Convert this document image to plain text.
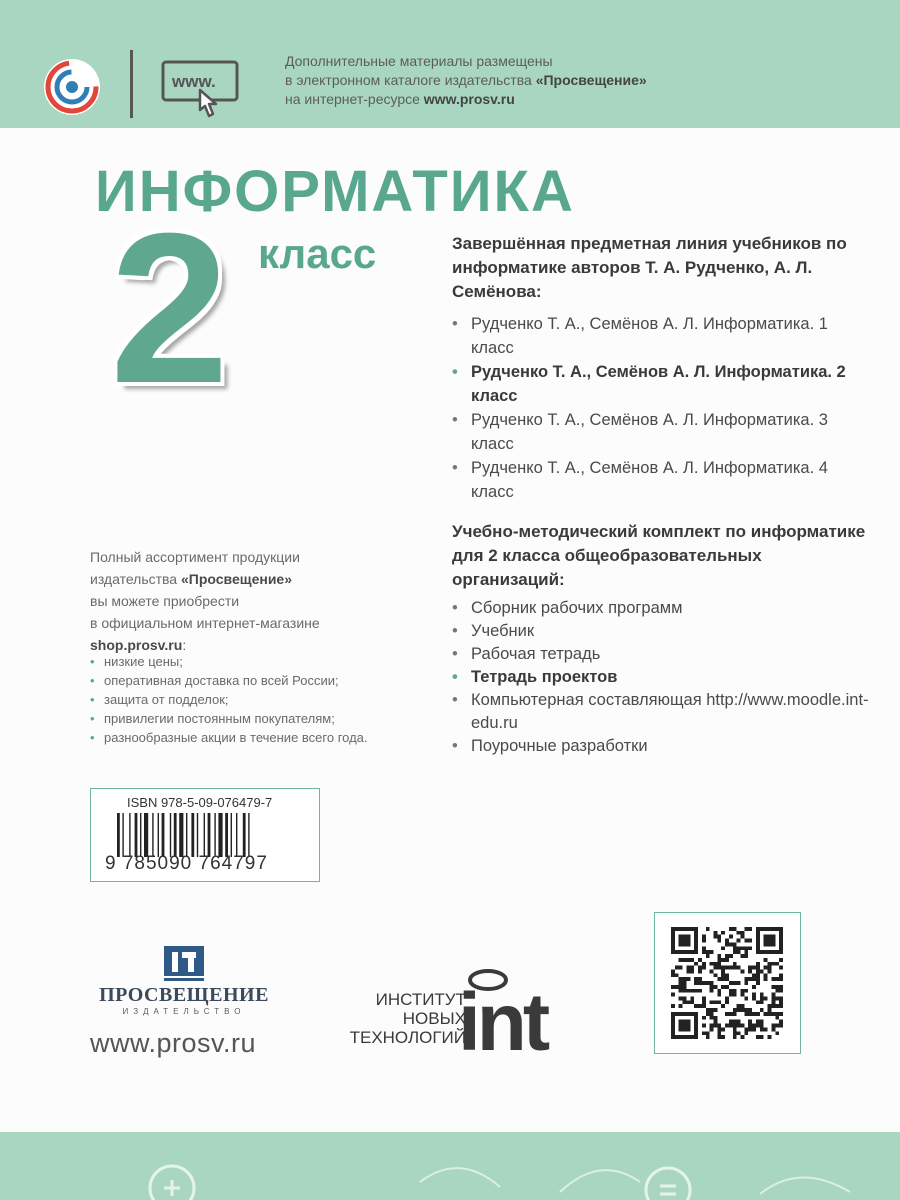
www.
Дополнительные материалы размещены
в электронном каталоге издательства «Просвещение»
на интернет-ресурсе www.prosv.ru
ИНФОРМАТИКА
2 класс	Завершённая предметная линия учебников по информатике авторов Т. А. Рудченко, А. Л. Семёнова:
• Рудченко Т. А., Семёнов А. Л. Информатика. 1 класс
• Рудченко Т. А., Семёнов А. Л. Информатика. 2 класс
• Рудченко Т. А., Семёнов А. Л. Информатика. 3 класс
• Рудченко Т. А., Семёнов А. Л. Информатика. 4 класс
Учебно-методический комплект по информатике для 2 класса общеобразовательных организаций:
• Сборник рабочих программ
• Учебник
• Рабочая тетрадь
• Тетрадь проектов
• Компьютерная составляющая http://www.moodle.int-edu.ru
• Поурочные разработки
Полный ассортимент продукции
издательства «Просвещение»
вы можете приобрести
в официальном интернет-магазине
shop.prosv.ru:
• низкие цены;
• оперативная доставка по всей России;
• защита от подделок;
• привилегии постоянным покупателям;
• разнообразные акции в течение всего года.
ISBN 978-5-09-076479-7
9 785090 764797
ПРОСВЕЩЕНИЕ
ИЗДАТЕЛЬСТВО
www.prosv.ru
ИНСТИТУТ
НОВЫХ
ТЕХНОЛОГИЙ
int
